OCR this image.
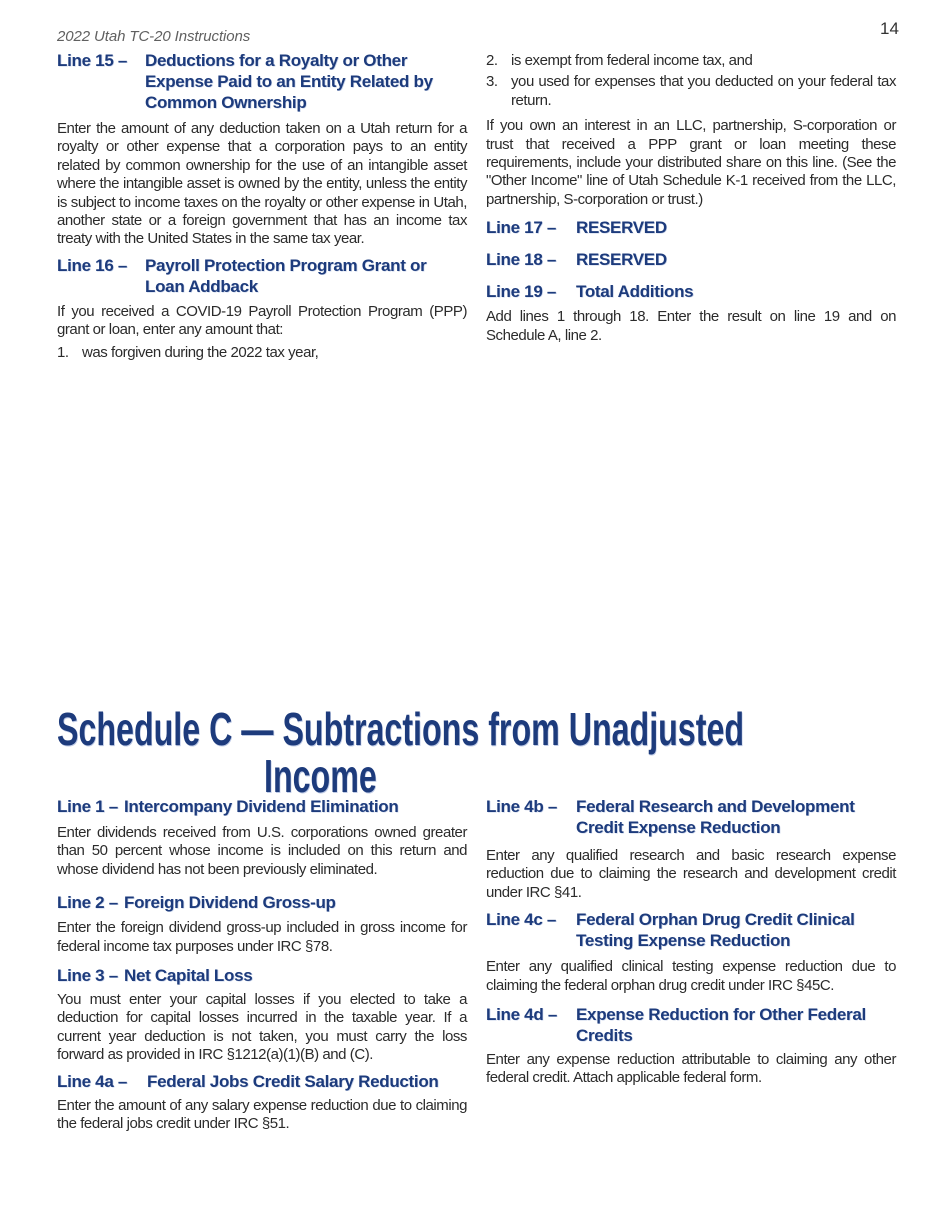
2022 Utah TC-20 Instructions	14
Line 15 –	Deductions for a Royalty or Other Expense Paid to an Entity Related by Common Ownership

Enter the amount of any deduction taken on a Utah return for a royalty or other expense that a corporation pays to an entity related by common ownership for the use of an intangible asset where the intangible asset is owned by the entity, unless the entity is subject to income taxes on the royalty or other expense in Utah, another state or a foreign government that has an income tax treaty with the United States in the same tax year.

Line 16 –	Payroll Protection Program Grant or Loan Addback

If you received a COVID-19 Payroll Protection Program (PPP) grant or loan, enter any amount that:

1. was forgiven during the 2022 tax year,
2. is exempt from federal income tax, and
3. you used for expenses that you deducted on your federal tax return.

If you own an interest in an LLC, partnership, S-corporation or trust that received a PPP grant or loan meeting these requirements, include your distributed share on this line. (See the "Other Income" line of Utah Schedule K-1 received from the LLC, partnership, S-corporation or trust.)

Line 17 –	RESERVED
Line 18 –	RESERVED
Line 19 –	Total Additions

Add lines 1 through 18. Enter the result on line 19 and on Schedule A, line 2.

Schedule C — Subtractions from Unadjusted
Income
Line 1 – Intercompany Dividend Elimination

Enter dividends received from U.S. corporations owned greater than 50 percent whose income is included on this return and whose dividend has not been previously eliminated.

Line 2 – Foreign Dividend Gross-up

Enter the foreign dividend gross-up included in gross income for federal income tax purposes under IRC §78.

Line 3 – Net Capital Loss

You must enter your capital losses if you elected to take a deduction for capital losses incurred in the taxable year. If a current year deduction is not taken, you must carry the loss forward as provided in IRC §1212(a)(1)(B) and (C).

Line 4a –	Federal Jobs Credit Salary Reduction

Enter the amount of any salary expense reduction due to claiming the federal jobs credit under IRC §51.

Line 4b –	Federal Research and Development Credit Expense Reduction

Enter any qualified research and basic research expense reduction due to claiming the research and development credit under IRC §41.

Line 4c –	Federal Orphan Drug Credit Clinical Testing Expense Reduction

Enter any qualified clinical testing expense reduction due to claiming the federal orphan drug credit under IRC §45C.

Line 4d –	Expense Reduction for Other Federal Credits

Enter any expense reduction attributable to claiming any other federal credit. Attach applicable federal form.
